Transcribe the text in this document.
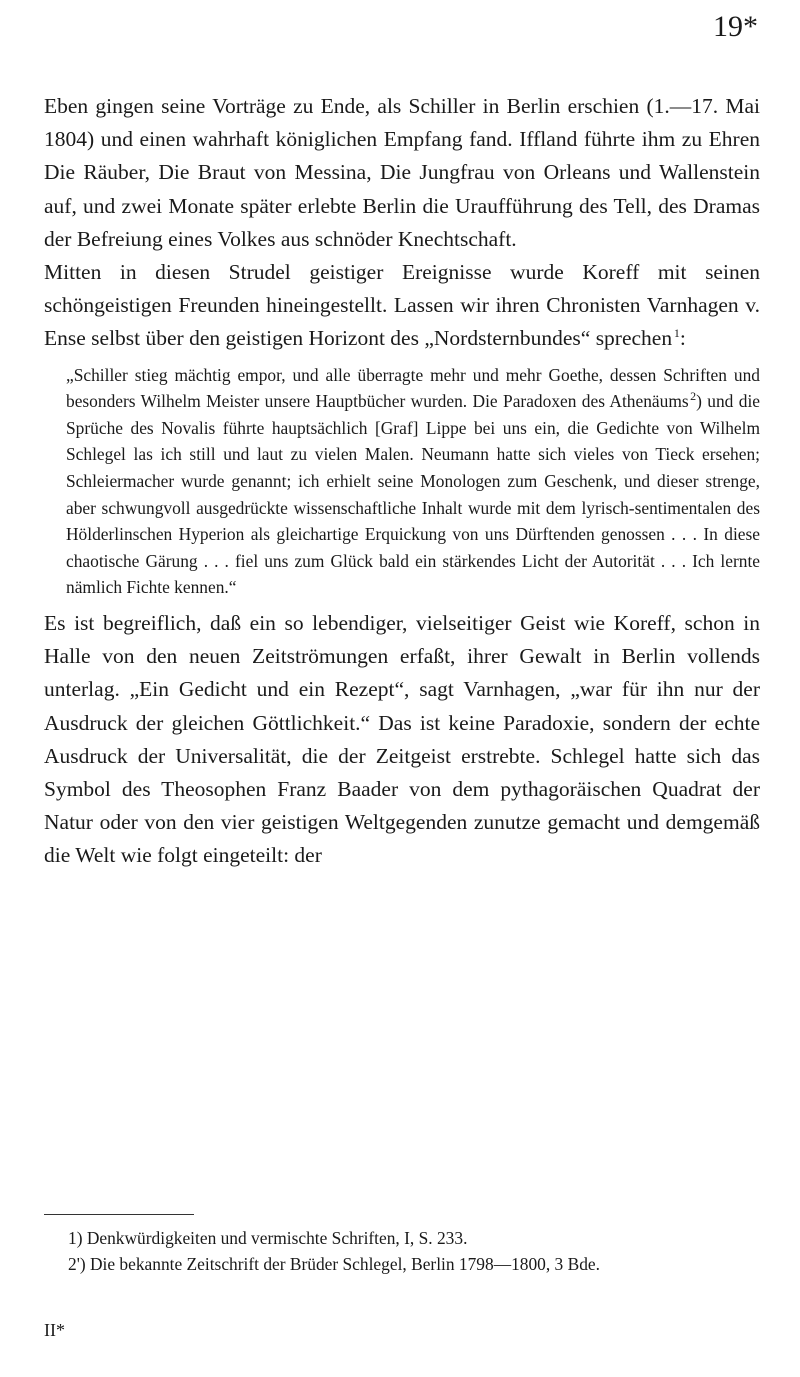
19*

Eben gingen seine Vorträge zu Ende, als Schiller in Berlin erschien (1.—17. Mai 1804) und einen wahrhaft königlichen Empfang fand. Iffland führte ihm zu Ehren Die Räuber, Die Braut von Messina, Die Jungfrau von Orleans und Wallenstein auf, und zwei Monate später erlebte Berlin die Uraufführung des Tell, des Dramas der Befreiung eines Volkes aus schnöder Knechtschaft.

Mitten in diesen Strudel geistiger Ereignisse wurde Koreff mit seinen schöngeistigen Freunden hineingestellt. Lassen wir ihren Chronisten Varnhagen v. Ense selbst über den geistigen Horizont des „Nordsternbundes“ sprechen  $^1$:

„Schiller stieg mächtig empor, und alle überragte mehr und mehr Goethe, dessen Schriften und besonders Wilhelm Meister unsere Hauptbücher wurden. Die Paradoxen des Athenäums $^2$) und die Sprüche des Novalis führte hauptsächlich [Graf] Lippe bei uns ein, die Gedichte von Wilhelm Schlegel las ich still und laut zu vielen Malen. Neumann hatte sich vieles von Tieck ersehen; Schleiermacher wurde genannt; ich erhielt seine Monologen zum Geschenk, und dieser strenge, aber schwungvoll ausgedrückte wissenschaftliche Inhalt wurde mit dem lyrisch-sentimentalen des Hölderlinschen Hyperion als gleichartige Erquickung von uns Dürftenden genossen . . . In diese chaotische Gärung . . . fiel uns zum Glück bald ein stärkendes Licht der Autorität . . . Ich lernte nämlich Fichte kennen.“

Es ist begreiflich, daß ein so lebendiger, vielseitiger Geist wie Koreff, schon in Halle von den neuen Zeitströmungen erfaßt, ihrer Gewalt in Berlin vollends unterlag. „Ein Gedicht und ein Rezept“, sagt Varnhagen, „war für ihn nur der Ausdruck der gleichen Göttlichkeit.“ Das ist keine Paradoxie, sondern der echte Ausdruck der Universalität, die der Zeitgeist erstrebte. Schlegel hatte sich das Symbol des Theosophen Franz Baader von dem pythagoräischen Quadrat der Natur oder von den vier geistigen Weltgegenden zunutze gemacht und demgemäß die Welt wie folgt eingeteilt: der

1) Denkwürdigkeiten und vermischte Schriften, I, S. 233.

2') Die bekannte Zeitschrift der Brüder Schlegel, Berlin 1798—1800, 3 Bde.

II*
